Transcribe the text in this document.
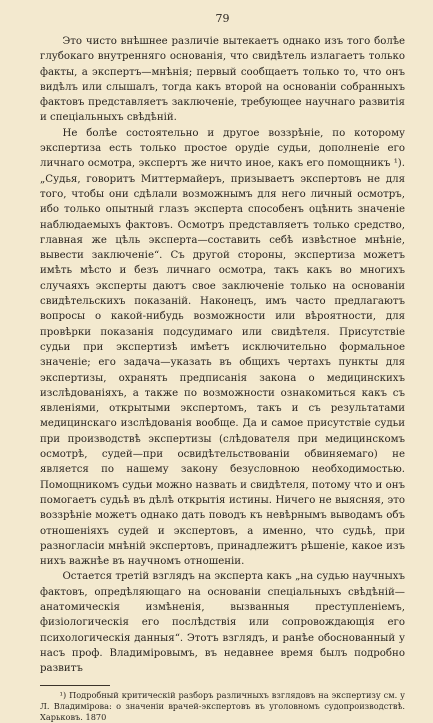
79

Это чисто внѣшнее различіе вытекаетъ однако изъ того болѣе глубокаго внутренняго основанія, что свидѣтель излагаетъ только факты, а экспертъ—мнѣнія; первый сообщаетъ только то, что онъ видѣлъ или слышалъ, тогда какъ второй на основаніи собранныхъ фактовъ представляетъ заключеніе, требующее научнаго развитія и спеціальныхъ свѣдѣній.

Не болѣе состоятельно и другое воззрѣніе, по которому экспертиза есть только простое орудіе судьи, дополненіе его личнаго осмотра, экспертъ же ничто иное, какъ его помощникъ ¹). „Судья, говоритъ Миттермайеръ, призываетъ экспертовъ не для того, чтобы они сдѣлали возможнымъ для него личный осмотръ, ибо только опытный глазъ эксперта способенъ оцѣнить значеніе наблюдаемыхъ фактовъ. Осмотръ представляетъ только средство, главная же цѣль эксперта—составить себѣ извѣстное мнѣніе, вывести заключеніе“. Съ другой стороны, экспертиза можетъ имѣть мѣсто и безъ личнаго осмотра, такъ какъ во многихъ случаяхъ эксперты даютъ свое заключеніе только на основаніи свидѣтельскихъ показаній. Наконецъ, имъ часто предлагаютъ вопросы о какой-нибудь возможности или вѣроятности, для провѣрки показанія подсудимаго или свидѣтеля. Присутствіе судьи при экспертизѣ имѣетъ исключительно формальное значеніе; его задача—указать въ общихъ чертахъ пункты для экспертизы, охранять предписанія закона о медицинскихъ изслѣдованіяхъ, а также по возможности ознакомиться какъ съ явленіями, открытыми экспертомъ, такъ и съ результатами медицинскаго изслѣдованія вообще. Да и самое присутствіе судьи при производствѣ экспертизы (слѣдователя при медицинскомъ осмотрѣ, судей—при освидѣтельствованіи обвиняемаго) не является по нашему закону безусловною необходимостью. Помощникомъ судьи можно назвать и свидѣтеля, потому что и онъ помогаетъ судьѣ въ дѣлѣ открытія истины. Ничего не выясняя, это воззрѣніе можетъ однако дать поводъ къ невѣрнымъ выводамъ объ отношеніяхъ судей и экспертовъ, а именно, что судьѣ, при разногласіи мнѣній экспертовъ, принадлежитъ рѣшеніе, какое изъ нихъ важнѣе въ научномъ отношеніи.

Остается третій взглядъ на эксперта какъ „на судью научныхъ фактовъ, опредѣляющаго на основаніи спеціальныхъ свѣдѣній—анатомическія измѣненія, вызванныя преступленіемъ, физіологическія его послѣдствія или сопровождающія его психологическія данныя“. Этотъ взглядъ, и ранѣе обоснованный у насъ проф. Владиміровымъ, въ недавнее время былъ подробно развитъ

¹) Подробный критическій разборъ различныхъ взглядовъ на экспертизу см. у Л. Владимірова: о значеніи врачей-экспертовъ въ уголовномъ судопроизводствѣ. Харьковъ. 1870
